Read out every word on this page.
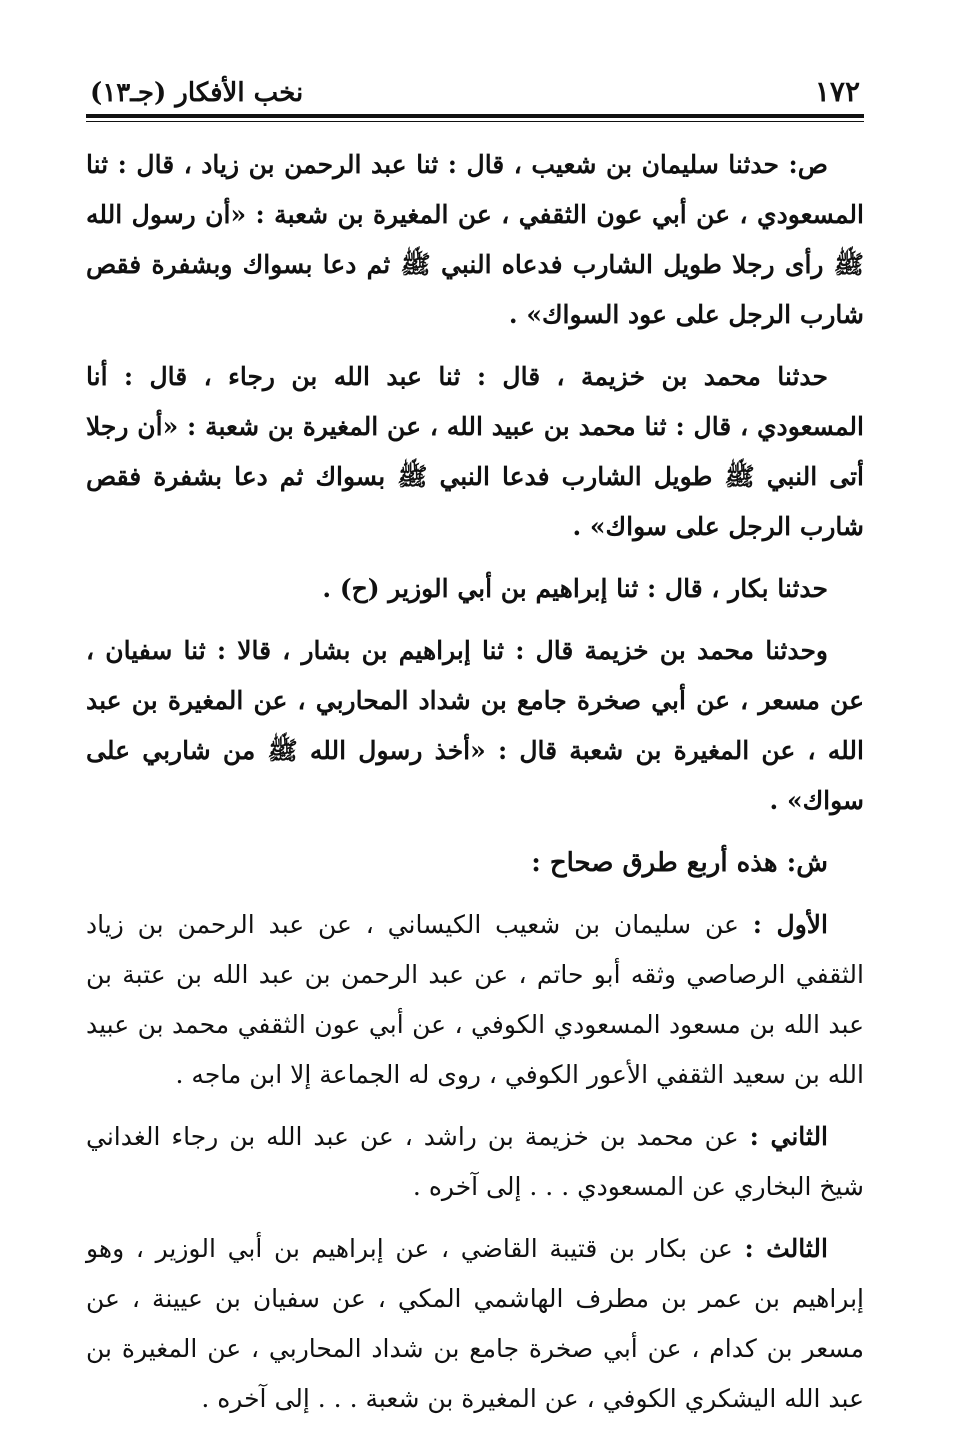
١٧٢
نخب الأفكار (جـ١٣)

ص: حدثنا سليمان بن شعيب ، قال : ثنا عبد الرحمن بن زياد ، قال : ثنا المسعودي ، عن أبي عون الثقفي ، عن المغيرة بن شعبة : «أن رسول الله ﷺ رأى رجلا طويل الشارب فدعاه النبي ﷺ ثم دعا بسواك وبشفرة فقص شارب الرجل على عود السواك» .

حدثنا محمد بن خزيمة ، قال : ثنا عبد الله بن رجاء ، قال : أنا المسعودي ، قال : ثنا محمد بن عبيد الله ، عن المغيرة بن شعبة : «أن رجلا أتى النبي ﷺ طويل الشارب فدعا النبي ﷺ بسواك ثم دعا بشفرة فقص شارب الرجل على سواك» .

حدثنا بكار ، قال : ثنا إبراهيم بن أبي الوزير (ح) .

وحدثنا محمد بن خزيمة قال : ثنا إبراهيم بن بشار ، قالا : ثنا سفيان ، عن مسعر ، عن أبي صخرة جامع بن شداد المحاربي ، عن المغيرة بن عبد الله ، عن المغيرة بن شعبة قال : «أخذ رسول الله ﷺ من شاربي على سواك» .

ش: هذه أربع طرق صحاح :

الأول : عن سليمان بن شعيب الكيساني ، عن عبد الرحمن بن زياد الثقفي الرصاصي وثقه أبو حاتم ، عن عبد الرحمن بن عبد الله بن عتبة بن عبد الله بن مسعود المسعودي الكوفي ، عن أبي عون الثقفي محمد بن عبيد الله بن سعيد الثقفي الأعور الكوفي ، روى له الجماعة إلا ابن ماجه .

الثاني : عن محمد بن خزيمة بن راشد ، عن عبد الله بن رجاء الغداني شيخ البخاري عن المسعودي . . . إلى آخره .

الثالث : عن بكار بن قتيبة القاضي ، عن إبراهيم بن أبي الوزير ، وهو إبراهيم بن عمر بن مطرف الهاشمي المكي ، عن سفيان بن عيينة ، عن مسعر بن كدام ، عن أبي صخرة جامع بن شداد المحاربي ، عن المغيرة بن عبد الله اليشكري الكوفي ، عن المغيرة بن شعبة . . . إلى آخره .
